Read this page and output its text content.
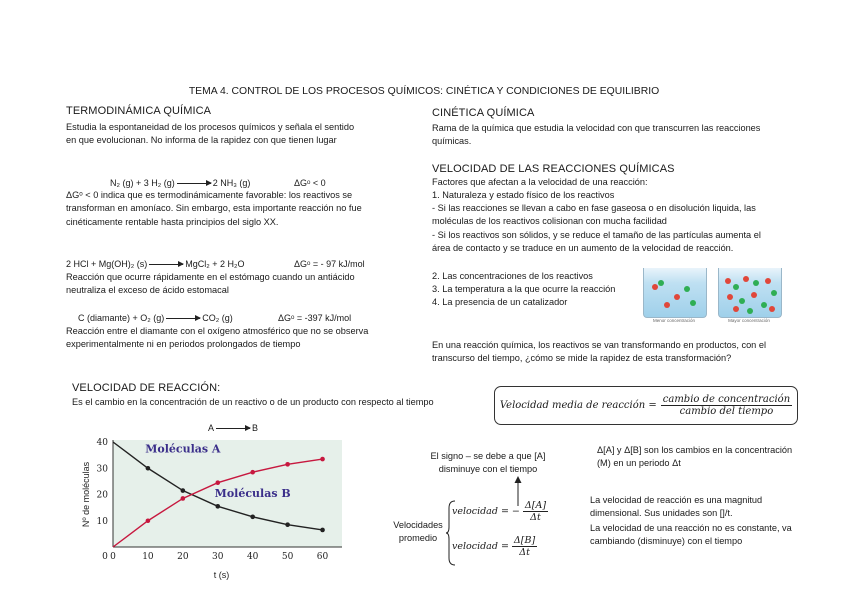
TEMA 4. CONTROL DE LOS PROCESOS QUÍMICOS: CINÉTICA Y CONDICIONES DE EQUILIBRIO
TERMODINÁMICA QUÍMICA
Estudia la espontaneidad de los procesos químicos y señala el sentido en que evolucionan. No informa de la rapidez con que tienen lugar
N₂ (g) + 3 H₂ (g) → 2 NH₃ (g)	ΔGᵒ < 0
ΔGᵒ < 0 indica que es termodinámicamente favorable: los reactivos se transforman en amoníaco. Sin embargo, esta importante reacción no fue cinéticamente rentable hasta principios del siglo XX.
2 HCl + Mg(OH)₂ (s) → MgCl₂ + 2 H₂O	ΔGᵒ = - 97 kJ/mol
Reacción que ocurre rápidamente en el estómago cuando un antiácido neutraliza el exceso de ácido estomacal
C (diamante) + O₂ (g) → CO₂ (g)	ΔGᵒ = -397 kJ/mol
Reacción entre el diamante con el oxígeno atmosférico que no se observa experimentalmente ni en periodos prolongados de tiempo
CINÉTICA QUÍMICA
Rama de la química que estudia la velocidad con que transcurren las reacciones químicas.
VELOCIDAD DE LAS REACCIONES QUÍMICAS
Factores que afectan a la velocidad de una reacción:
1. Naturaleza y estado físico de los reactivos
- Si las reacciones se llevan a cabo en fase gaseosa o en disolución liquida, las moléculas de los reactivos colisionan con mucha facilidad
- Si los reactivos son sólidos, y se reduce el tamaño de las partículas aumenta el área de contacto y se traduce en un aumento de la velocidad de reacción.
2. Las concentraciones de los reactivos
3. La temperatura a la que ocurre la reacción
4. La presencia de un catalizador
Menor concentración	Mayor concentración
En una reacción química, los reactivos se van transformando en productos, con el transcurso del tiempo, ¿cómo se mide la rapidez de esta transformación?
VELOCIDAD DE REACCIÓN:
Es el cambio en la concentración de un reactivo o de un producto con respecto al tiempo	Velocidad media de reacción = $\frac{\text{cambio de concentración}}{\text{cambio del tiempo}}$
A → B
0	10	20	30	40	50	60
10
20
30
40
0
Moléculas A
Moléculas B
t (s)
Nº de moléculas
El signo – se debe a que [A] disminuye con el tiempo
Δ[A] y Δ[B] son los cambios en la concentración (M) en un periodo Δt
Velocidades promedio
velocidad = − $\frac{\Delta[A]}{\Delta t}$
velocidad = $\frac{\Delta[B]}{\Delta t}$
La velocidad de reacción es una magnitud dimensional. Sus unidades son []/t.
La velocidad de una reacción no es constante, va cambiando (disminuye) con el tiempo
